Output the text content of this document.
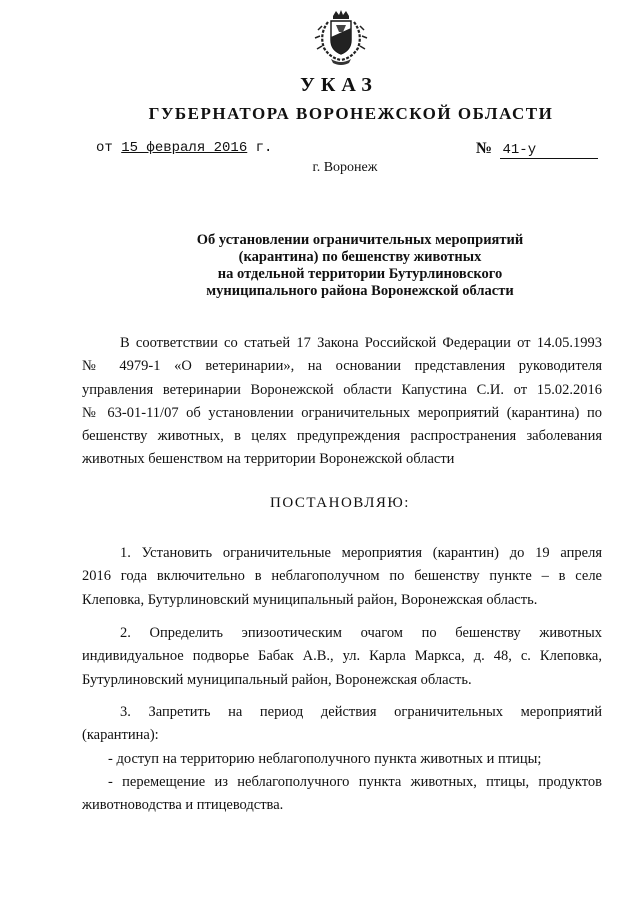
УКАЗ
ГУБЕРНАТОРА ВОРОНЕЖСКОЙ ОБЛАСТИ
от 15 февраля 2016 г.	№ 41-у
г. Воронеж
Об установлении ограничительных мероприятий
(карантина) по бешенству животных
на отдельной территории Бутурлиновского
муниципального района Воронежской области
В соответствии со статьей 17 Закона Российской Федерации от 14.05.1993
№ 4979-1 «О ветеринарии», на основании представления руководителя
управления ветеринарии Воронежской области Капустина С.И. от 15.02.2016
№ 63-01-11/07 об установлении ограничительных мероприятий (карантина) по
бешенству животных, в целях предупреждения распространения заболевания
животных бешенством на территории Воронежской области
ПОСТАНОВЛЯЮ:
1. Установить ограничительные мероприятия (карантин) до 19 апреля
2016 года включительно в неблагополучном по бешенству пункте – в селе
Клеповка, Бутурлиновский муниципальный район, Воронежская область.
2. Определить эпизоотическим очагом по бешенству животных
индивидуальное подворье Бабак А.В., ул. Карла Маркса, д. 48, с. Клеповка,
Бутурлиновский муниципальный район, Воронежская область.
3. Запретить на период действия ограничительных мероприятий
(карантина):
- доступ на территорию неблагополучного пункта животных и птицы;
- перемещение из неблагополучного пункта животных, птицы, продуктов
животноводства и птицеводства.
